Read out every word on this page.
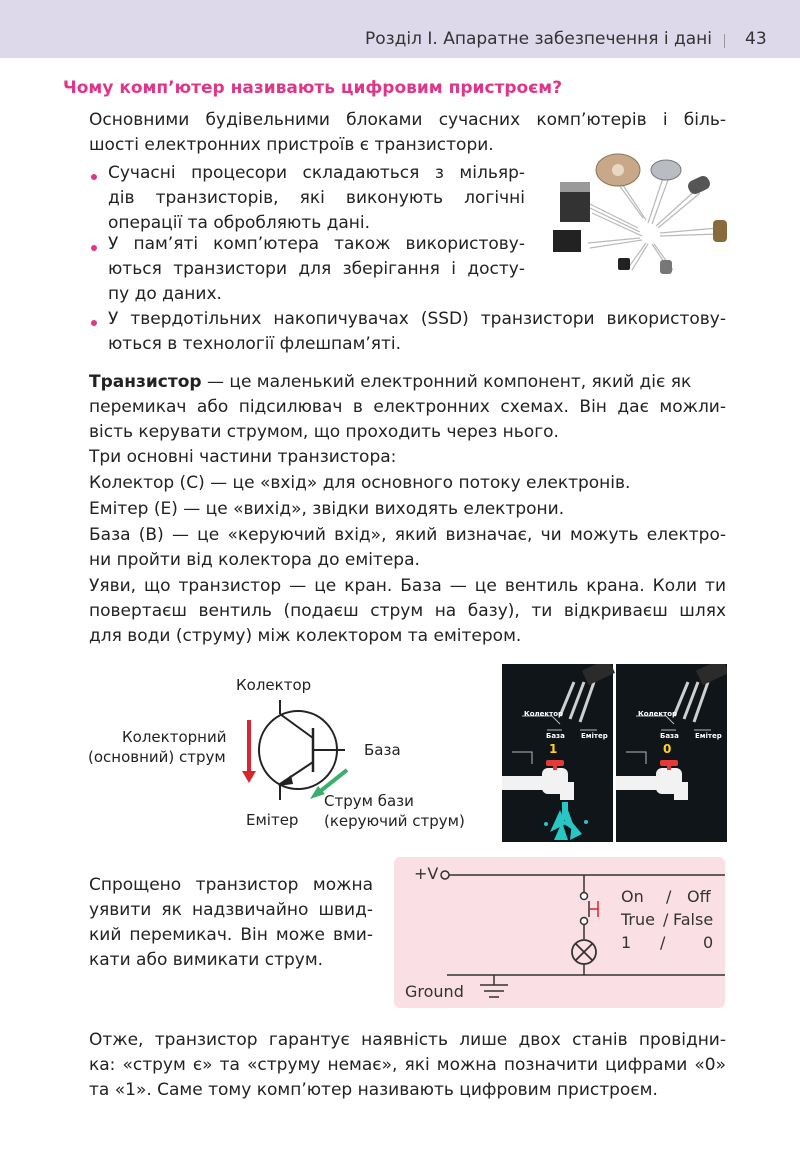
Розділ І. Апаратне забезпечення і дані 43
Чому комп’ютер називають цифровим пристроєм?
Основними будівельними блоками сучасних комп’ютерів і біль-
шості електронних пристроїв є транзистори.
Сучасні процесори складаються з мільяр-
дів транзисторів, які виконують логічні
операції та обробляють дані.
У пам’яті комп’ютера також використову-
ються транзистори для зберігання і досту-
пу до даних.
У твердотільних накопичувачах (SSD) транзистори використову-
ються в технології флешпам’яті.
Транзистор — це маленький електронний компонент, який діє як
перемикач або підсилювач в електронних схемах. Він дає можли-
вість керувати струмом, що проходить через нього.
Три основні частини транзистора:
Колектор (C) — це «вхід» для основного потоку електронів.
Емітер (E) — це «вихід», звідки виходять електрони.
База (B) — це «керуючий вхід», який визначає, чи можуть електро-
ни пройти від колектора до емітера.
Уяви, що транзистор — це кран. База — це вентиль крана. Коли ти
повертаєш вентиль (подаєш струм на базу), ти відкриваєш шлях
для води (струму) між колектором та емітером.
Колектор
Колекторний
(основний) струм	База
Емітер
Струм бази
(керуючий струм)
Колектор
База Емітер
1
Колектор
База Емітер
0
Спрощено транзистор можна
уявити як надзвичайно швид-
кий перемикач. Він може вми-
кати або вимикати струм.
+V
Ground
On / Off
True / False
1 / 0
Отже, транзистор гарантує наявність лише двох станів провідни-
ка: «струм є» та «струму немає», які можна позначити цифрами «0»
та «1». Саме тому комп’ютер називають цифровим пристроєм.
